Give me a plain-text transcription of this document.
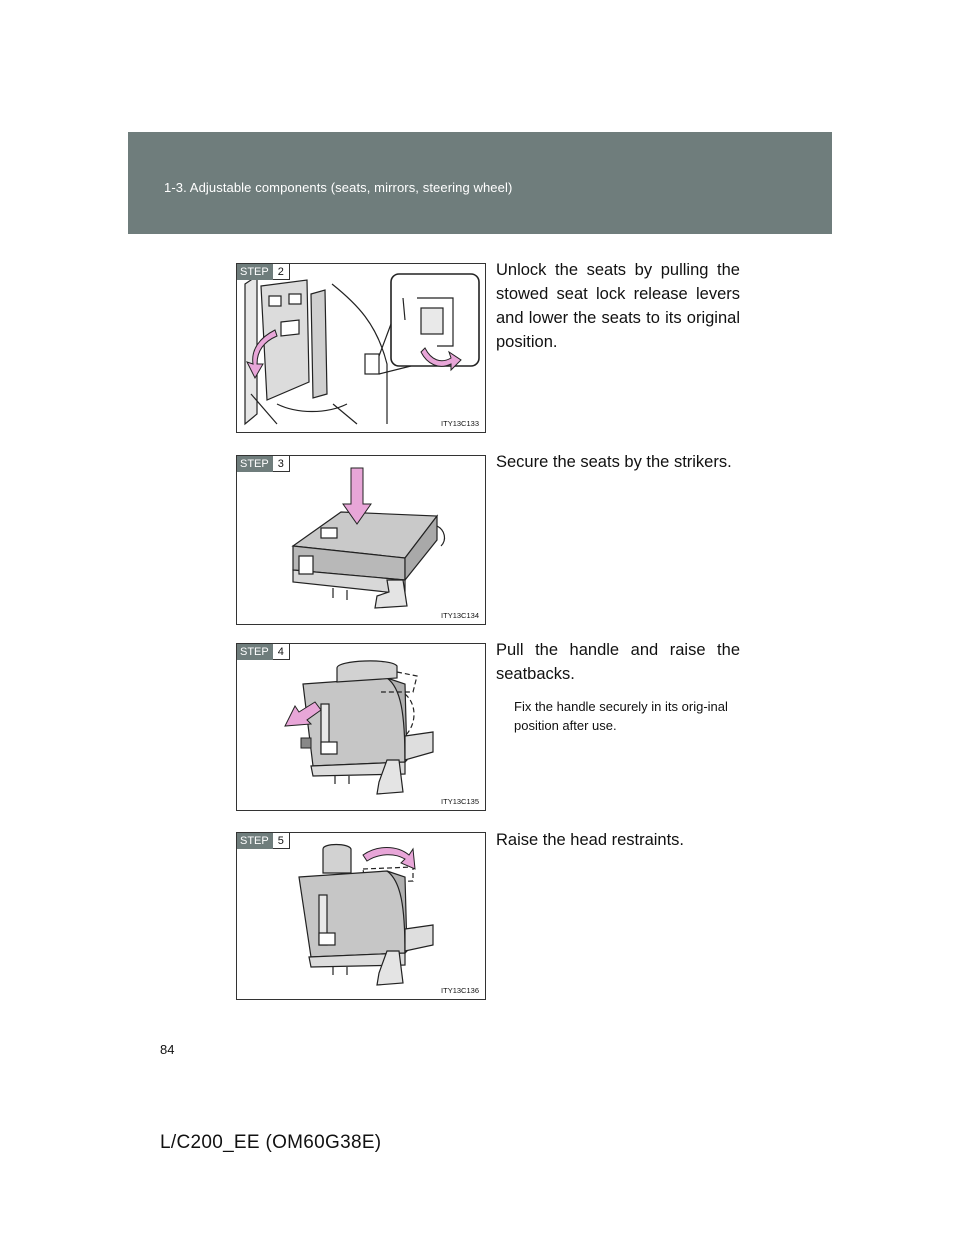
1-3. Adjustable components (seats, mirrors, steering wheel)
STEP 2
ITY13C133
Unlock the seats by pulling the stowed seat lock release levers and lower the seats to its original position.
STEP 3
ITY13C134
Secure the seats by the strikers.
STEP 4
ITY13C135
Pull the handle and raise the seatbacks.
Fix the handle securely in its orig-inal position after use.
STEP 5
ITY13C136
Raise the head restraints.
84
L/C200_EE (OM60G38E)
